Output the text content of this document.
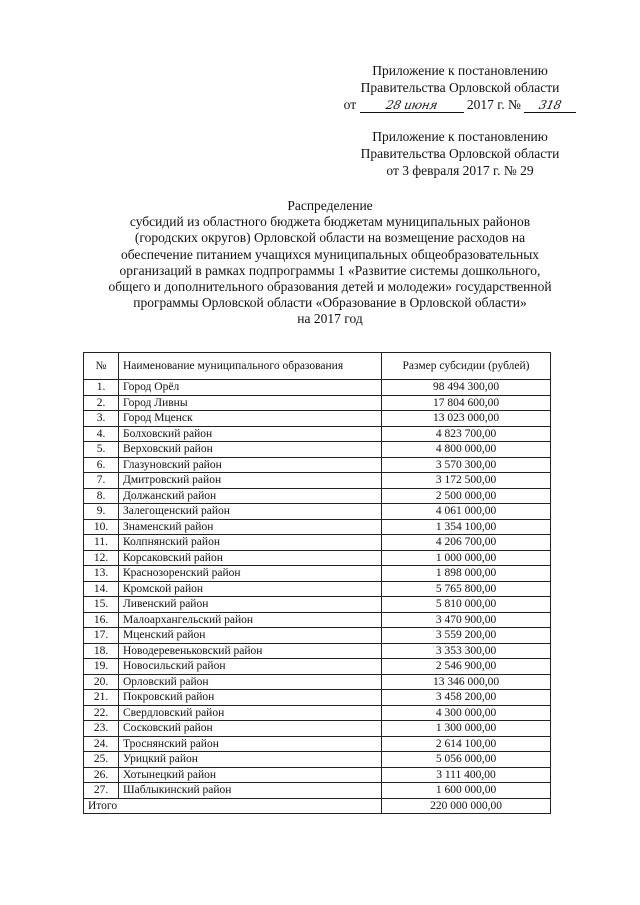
Приложение к постановлению
Правительства Орловской области
от 28 июня 2017 г. № 318
Приложение к постановлению
Правительства Орловской области
от 3 февраля 2017 г. № 29
Распределение
субсидий из областного бюджета бюджетам муниципальных районов
(городских округов) Орловской области на возмещение расходов на
обеспечение питанием учащихся муниципальных общеобразовательных
организаций в рамках подпрограммы 1 «Развитие системы дошкольного,
общего и дополнительного образования детей и молодежи» государственной
программы Орловской области «Образование в Орловской области»
на 2017 год
№	Наименование муниципального образования	Размер субсидии (рублей)
1.	Город Орёл	98 494 300,00
2.	Город Ливны	17 804 600,00
3.	Город Мценск	13 023 000,00
4.	Болховский район	4 823 700,00
5.	Верховский район	4 800 000,00
6.	Глазуновский район	3 570 300,00
7.	Дмитровский район	3 172 500,00
8.	Должанский район	2 500 000,00
9.	Залегощенский район	4 061 000,00
10.	Знаменский район	1 354 100,00
11.	Колпнянский район	4 206 700,00
12.	Корсаковский район	1 000 000,00
13.	Краснозоренский район	1 898 000,00
14.	Кромской район	5 765 800,00
15.	Ливенский район	5 810 000,00
16.	Малоархангельский район	3 470 900,00
17.	Мценский район	3 559 200,00
18.	Новодеревеньковский район	3 353 300,00
19.	Новосильский район	2 546 900,00
20.	Орловский район	13 346 000,00
21.	Покровский район	3 458 200,00
22.	Свердловский район	4 300 000,00
23.	Сосковский район	1 300 000,00
24.	Троснянский район	2 614 100,00
25.	Урицкий район	5 056 000,00
26.	Хотынецкий район	3 111 400,00
27.	Шаблыкинский район	1 600 000,00
Итого		220 000 000,00
